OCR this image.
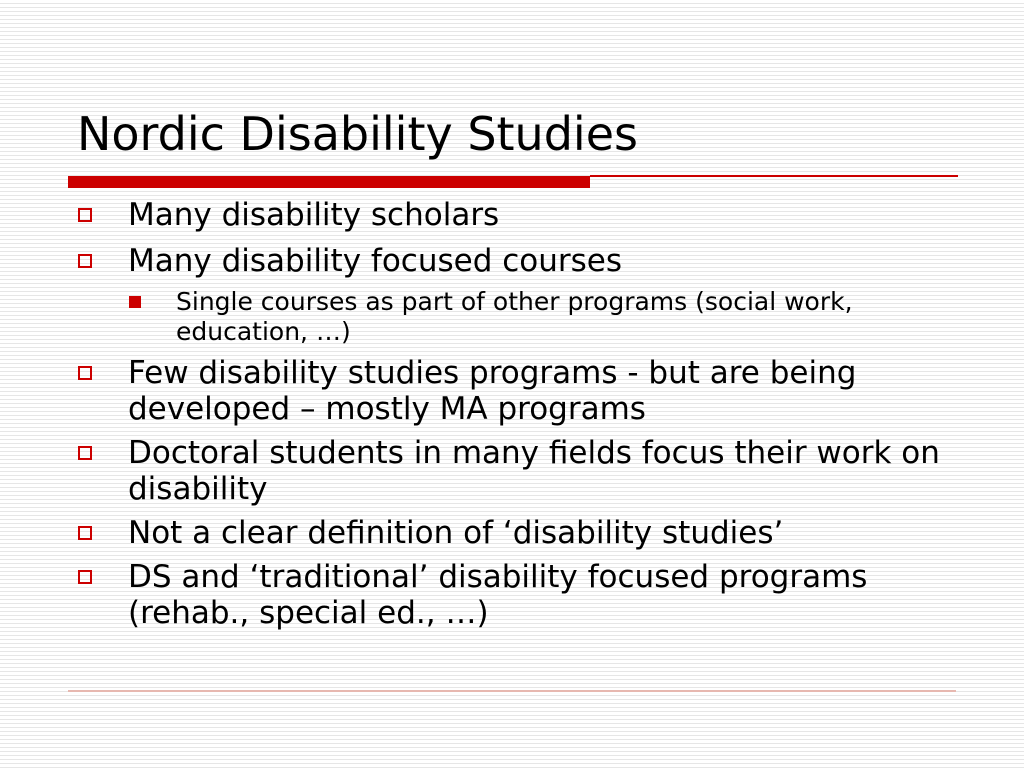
Nordic Disability Studies
Many disability scholars
Many disability focused courses
Single courses as part of other programs (social work, education, …)
Few disability studies programs - but are being developed – mostly MA programs
Doctoral students in many fields focus their work on disability
Not a clear definition of ‘disability studies’
DS and ‘traditional’ disability focused programs (rehab., special ed., …)
